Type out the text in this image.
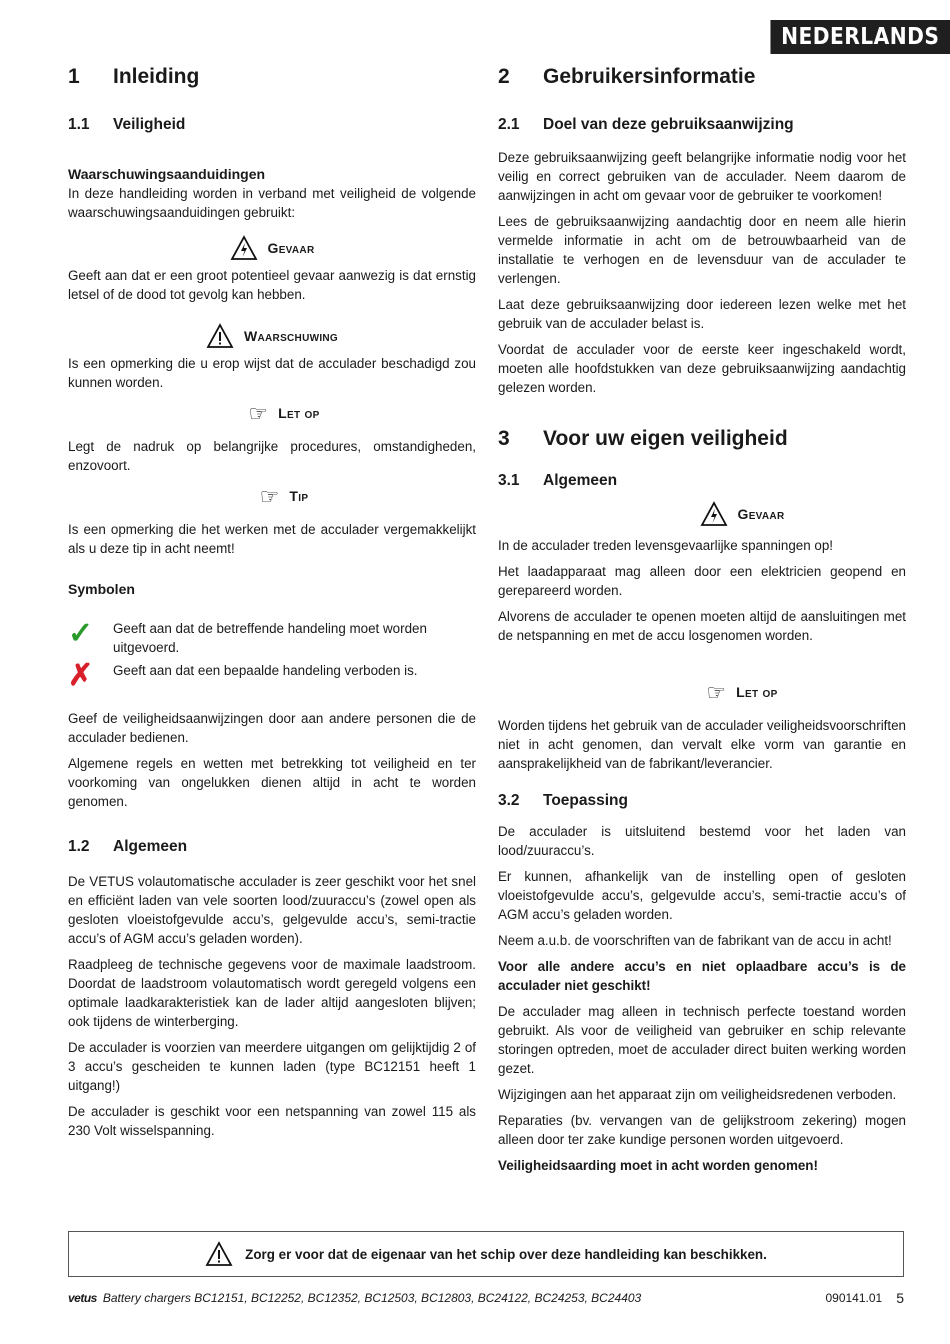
NEDERLANDS
1	Inleiding
1.1	Veiligheid
Waarschuwingsaanduidingen

In deze handleiding worden in verband met veiligheid de volgende waarschuwingsaanduidingen gebruikt:

Gevaar

Geeft aan dat er een groot potentieel gevaar aanwezig is dat ernstig letsel of de dood tot gevolg kan hebben.

Waarschuwing

Is een opmerking die u erop wijst dat de acculader beschadigd zou kunnen worden.

☞ Let op

Legt de nadruk op belangrijke procedures, omstandigheden, enzovoort.

☞ Tip

Is een opmerking die het werken met de acculader vergemakkelijkt als u deze tip in acht neemt!

Symbolen
✓	Geeft aan dat de betreffende handeling moet worden uitgevoerd.
✗	Geeft aan dat een bepaalde handeling verboden is.

Geef de veiligheidsaanwijzingen door aan andere personen die de acculader bedienen.

Algemene regels en wetten met betrekking tot veiligheid en ter voorkoming van ongelukken dienen altijd in acht te worden genomen.

1.2	Algemeen

De VETUS volautomatische acculader is zeer geschikt voor het snel en efficiënt laden van vele soorten lood/zuuraccu’s (zowel open als gesloten vloeistofgevulde accu’s, gelgevulde accu’s, semi-tractie accu’s of AGM accu’s geladen worden).

Raadpleeg de technische gegevens voor de maximale laadstroom. Doordat de laadstroom volautomatisch wordt geregeld volgens een optimale laadkarakteristiek kan de lader altijd aangesloten blijven; ook tijdens de winterberging.

De acculader is voorzien van meerdere uitgangen om gelijktijdig 2 of 3 accu’s gescheiden te kunnen laden (type BC12151 heeft 1 uitgang!)

De acculader is geschikt voor een netspanning van zowel 115 als 230 Volt wisselspanning.

2	Gebruikersinformatie
2.1	Doel van deze gebruiksaanwijzing

Deze gebruiksaanwijzing geeft belangrijke informatie nodig voor het veilig en correct gebruiken van de acculader. Neem daarom de aanwijzingen in acht om gevaar voor de gebruiker te voorkomen!

Lees de gebruiksaanwijzing aandachtig door en neem alle hierin vermelde informatie in acht om de betrouwbaarheid van de installatie te verhogen en de levensduur van de acculader te verlengen.

Laat deze gebruiksaanwijzing door iedereen lezen welke met het gebruik van de acculader belast is.

Voordat de acculader voor de eerste keer ingeschakeld wordt, moeten alle hoofdstukken van deze gebruiksaanwijzing aandachtig gelezen worden.

3	Voor uw eigen veiligheid
3.1	Algemeen
Gevaar

In de acculader treden levensgevaarlijke spanningen op!

Het laadapparaat mag alleen door een elektricien geopend en gerepareerd worden.

Alvorens de acculader te openen moeten altijd de aansluitingen met de netspanning en met de accu losgenomen worden.

☞ Let op

Worden tijdens het gebruik van de acculader veiligheidsvoorschriften niet in acht genomen, dan vervalt elke vorm van garantie en aansprakelijkheid van de fabrikant/leverancier.

3.2	Toepassing

De acculader is uitsluitend bestemd voor het laden van lood/zuuraccu’s.

Er kunnen, afhankelijk van de instelling open of gesloten vloeistofgevulde accu’s, gelgevulde accu’s, semi-tractie accu’s of AGM accu’s geladen worden.

Neem a.u.b. de voorschriften van de fabrikant van de accu in acht!

Voor alle andere accu’s en niet oplaadbare accu’s is de acculader niet geschikt!

De acculader mag alleen in technisch perfecte toestand worden gebruikt. Als voor de veiligheid van gebruiker en schip relevante storingen optreden, moet de acculader direct buiten werking worden gezet.

Wijzigingen aan het apparaat zijn om veiligheidsredenen verboden.

Reparaties (bv. vervangen van de gelijkstroom zekering) mogen alleen door ter zake kundige personen worden uitgevoerd.

Veiligheidsaarding moet in acht worden genomen!

Zorg er voor dat de eigenaar van het schip over deze handleiding kan beschikken.
vetus Battery chargers BC12151, BC12252, BC12352, BC12503, BC12803, BC24122, BC24253, BC24403	090141.01 5
